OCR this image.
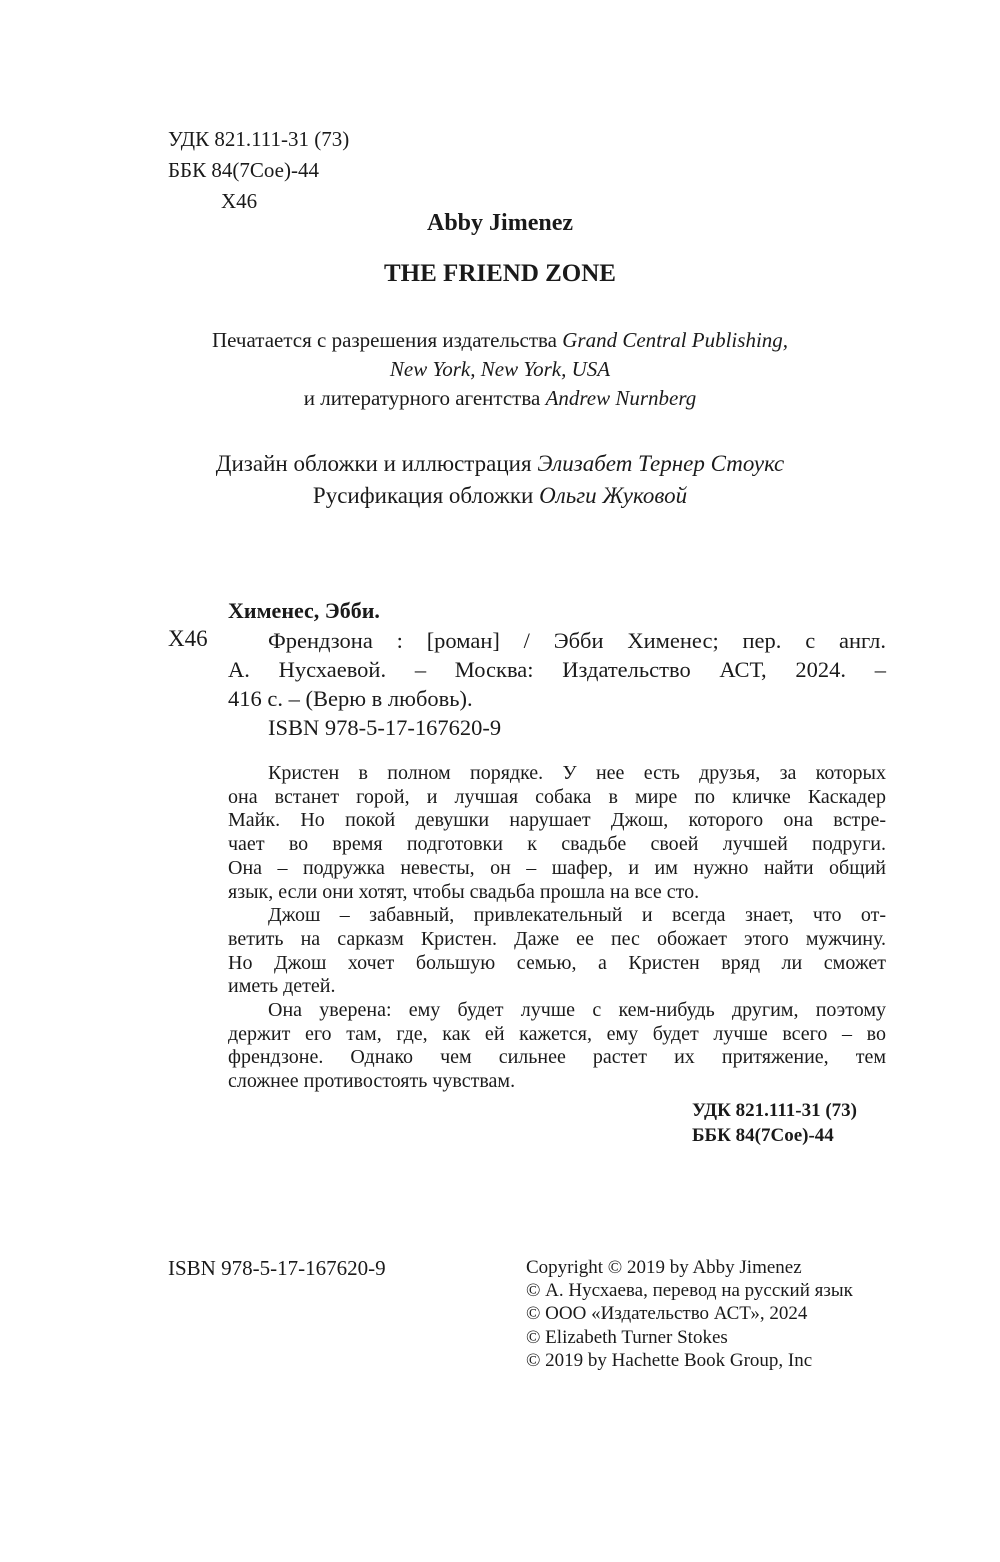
УДК 821.111-31 (73)
ББК 84(7Сое)-44
Х46
Abby Jimenez
THE FRIEND ZONE
Печатается с разрешения издательства Grand Central Publishing,
New York, New York, USA
и литературного агентства Andrew Nurnberg
Дизайн обложки и иллюстрация Элизабет Тернер Стоукс
Русификация обложки Ольги Жуковой
Хименес, Эбби.
Х46	Френдзона : [роман] / Эбби Хименес; пер. с англ.
А. Нусхаевой. – Москва: Издательство АСТ, 2024. –
416 с. – (Верю в любовь).
ISBN 978-5-17-167620-9
Кристен в полном порядке. У нее есть друзья, за которых
она встанет горой, и лучшая собака в мире по кличке Каскадер
Майк. Но покой девушки нарушает Джош, которого она встре-
чает во время подготовки к свадьбе своей лучшей подруги.
Она – подружка невесты, он – шафер, и им нужно найти общий
язык, если они хотят, чтобы свадьба прошла на все сто.
Джош – забавный, привлекательный и всегда знает, что от-
ветить на сарказм Кристен. Даже ее пес обожает этого мужчину.
Но Джош хочет большую семью, а Кристен вряд ли сможет
иметь детей.
Она уверена: ему будет лучше с кем-нибудь другим, поэтому
держит его там, где, как ей кажется, ему будет лучше всего – во
френдзоне. Однако чем сильнее растет их притяжение, тем
сложнее противостоять чувствам.
УДК 821.111-31 (73)
ББК 84(7Сое)-44
ISBN 978-5-17-167620-9	Copyright © 2019 by Abby Jimenez
© А. Нусхаева, перевод на русский язык
© ООО «Издательство АСТ», 2024
© Elizabeth Turner Stokes
© 2019 by Hachette Book Group, Inc
